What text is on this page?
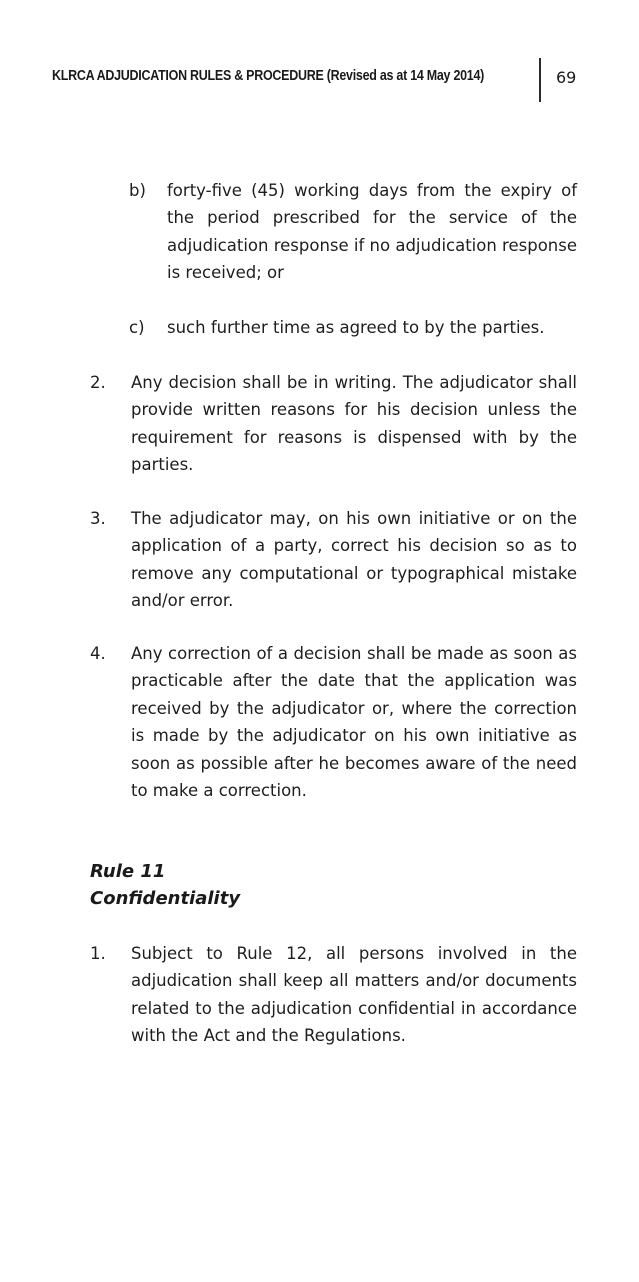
KLRCA ADJUDICATION RULES & PROCEDURE (Revised as at 14 May 2014)	69
b) forty-five (45) working days from the expiry of the period prescribed for the service of the adjudication response if no adjudication response is received; or
c) such further time as agreed to by the parties.
2. Any decision shall be in writing. The adjudicator shall provide written reasons for his decision unless the requirement for reasons is dispensed with by the parties.
3. The adjudicator may, on his own initiative or on the application of a party, correct his decision so as to remove any computational or typographical mistake and/or error.
4. Any correction of a decision shall be made as soon as practicable after the date that the application was received by the adjudicator or, where the correction is made by the adjudicator on his own initiative as soon as possible after he becomes aware of the need to make a correction.
Rule 11
Confidentiality
1. Subject to Rule 12, all persons involved in the adjudication shall keep all matters and/or documents related to the adjudication confidential in accordance with the Act and the Regulations.
